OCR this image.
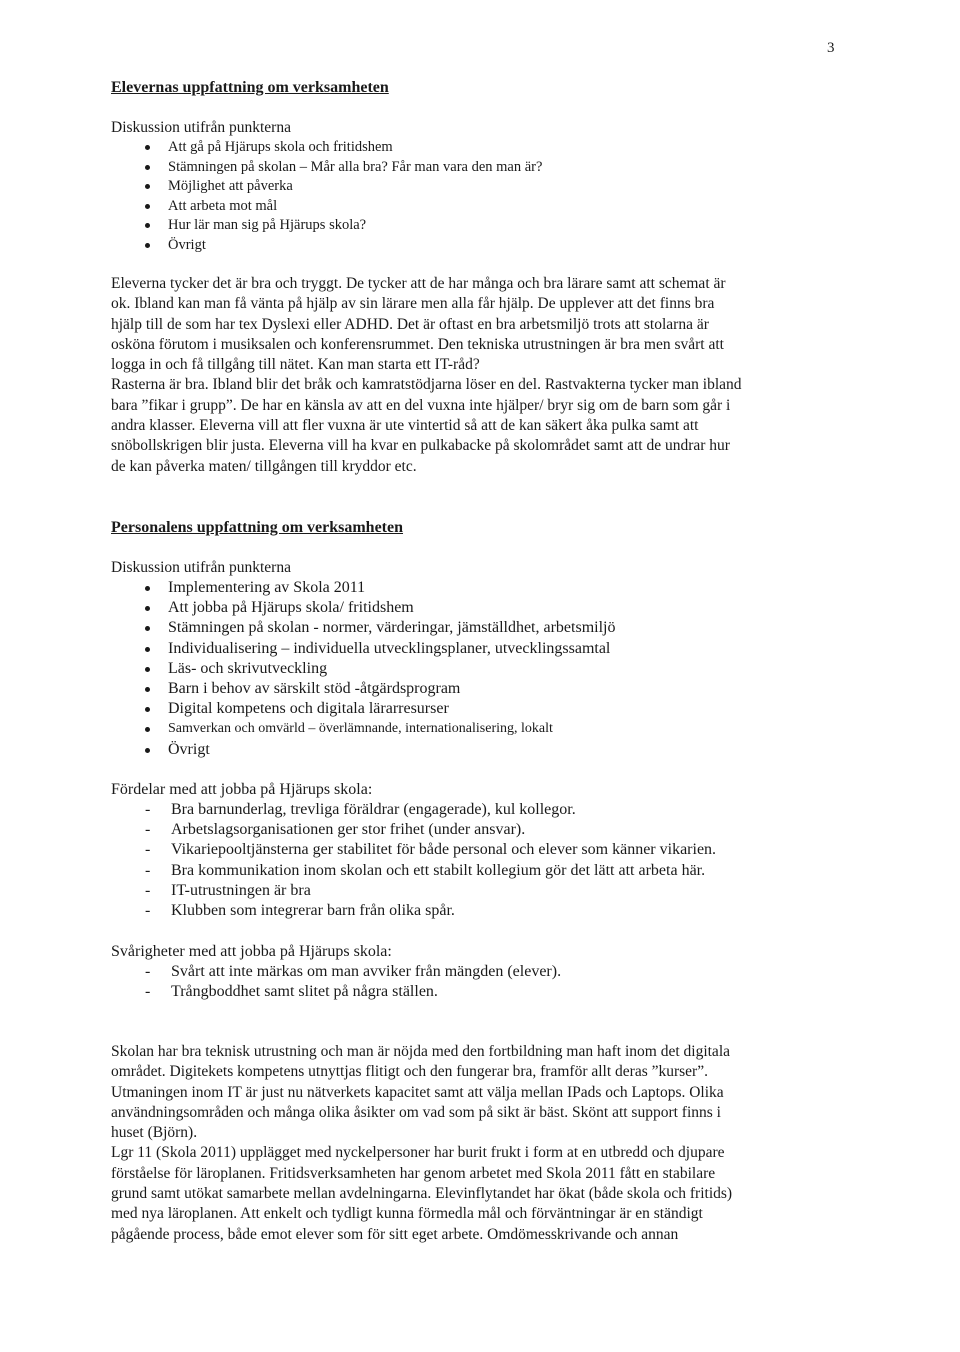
3
Elevernas uppfattning om verksamheten

Diskussion utifrån punkterna

Att gå på Hjärups skola och fritidshem
Stämningen på skolan – Mår alla bra? Får man vara den man är?
Möjlighet att påverka
Att arbeta mot mål
Hur lär man sig på Hjärups skola?
Övrigt

Eleverna tycker det är bra och tryggt. De tycker att de har många och bra lärare samt att schemat är

ok. Ibland kan man få vänta på hjälp av sin lärare men alla får hjälp. De upplever att det finns bra

hjälp till de som har tex Dyslexi eller ADHD. Det är oftast en bra arbetsmiljö trots att stolarna är

osköna förutom i musiksalen och konferensrummet. Den tekniska utrustningen är bra men svårt att

logga in och få tillgång till nätet. Kan man starta ett IT-råd?

Rasterna är bra. Ibland blir det bråk och kamratstödjarna löser en del. Rastvakterna tycker man ibland

bara ”fikar i grupp”. De har en känsla av att en del vuxna inte hjälper/ bryr sig om de barn som går i

andra klasser. Eleverna vill att fler vuxna är ute vintertid så att de kan säkert åka pulka samt att

snöbollskrigen blir justa. Eleverna vill ha kvar en pulkabacke på skolområdet samt att de undrar hur

de kan påverka maten/ tillgången till kryddor etc.

Personalens uppfattning om verksamheten

Diskussion utifrån punkterna

Implementering av Skola 2011
Att jobba på Hjärups skola/ fritidshem
Stämningen på skolan - normer, värderingar, jämställdhet, arbetsmiljö
Individualisering – individuella utvecklingsplaner, utvecklingssamtal
Läs- och skrivutveckling
Barn i behov av särskilt stöd -åtgärdsprogram
Digital kompetens och digitala lärarresurser
Samverkan och omvärld – överlämnande, internationalisering, lokalt
Övrigt

Fördelar med att jobba på Hjärups skola:

- Bra barnunderlag, trevliga föräldrar (engagerade), kul kollegor.
- Arbetslagsorganisationen ger stor frihet (under ansvar).
- Vikariepooltjänsterna ger stabilitet för både personal och elever som känner vikarien.
- Bra kommunikation inom skolan och ett stabilt kollegium gör det lätt att arbeta här.
- IT-utrustningen är bra
- Klubben som integrerar barn från olika spår.

Svårigheter med att jobba på Hjärups skola:

- Svårt att inte märkas om man avviker från mängden (elever).
- Trångboddhet samt slitet på några ställen.

Skolan har bra teknisk utrustning och man är nöjda med den fortbildning man haft inom det digitala

området. Digitekets kompetens utnyttjas flitigt och den fungerar bra, framför allt deras ”kurser”.

Utmaningen inom IT är just nu nätverkets kapacitet samt att välja mellan IPads och Laptops. Olika

användningsområden och många olika åsikter om vad som på sikt är bäst. Skönt att support finns i

huset (Björn).

Lgr 11 (Skola 2011) upplägget med nyckelpersoner har burit frukt i form at en utbredd och djupare

förståelse för läroplanen. Fritidsverksamheten har genom arbetet med Skola 2011 fått en stabilare

grund samt utökat samarbete mellan avdelningarna. Elevinflytandet har ökat (både skola och fritids)

med nya läroplanen. Att enkelt och tydligt kunna förmedla mål och förväntningar är en ständigt

pågående process, både emot elever som för sitt eget arbete. Omdömesskrivande och annan
